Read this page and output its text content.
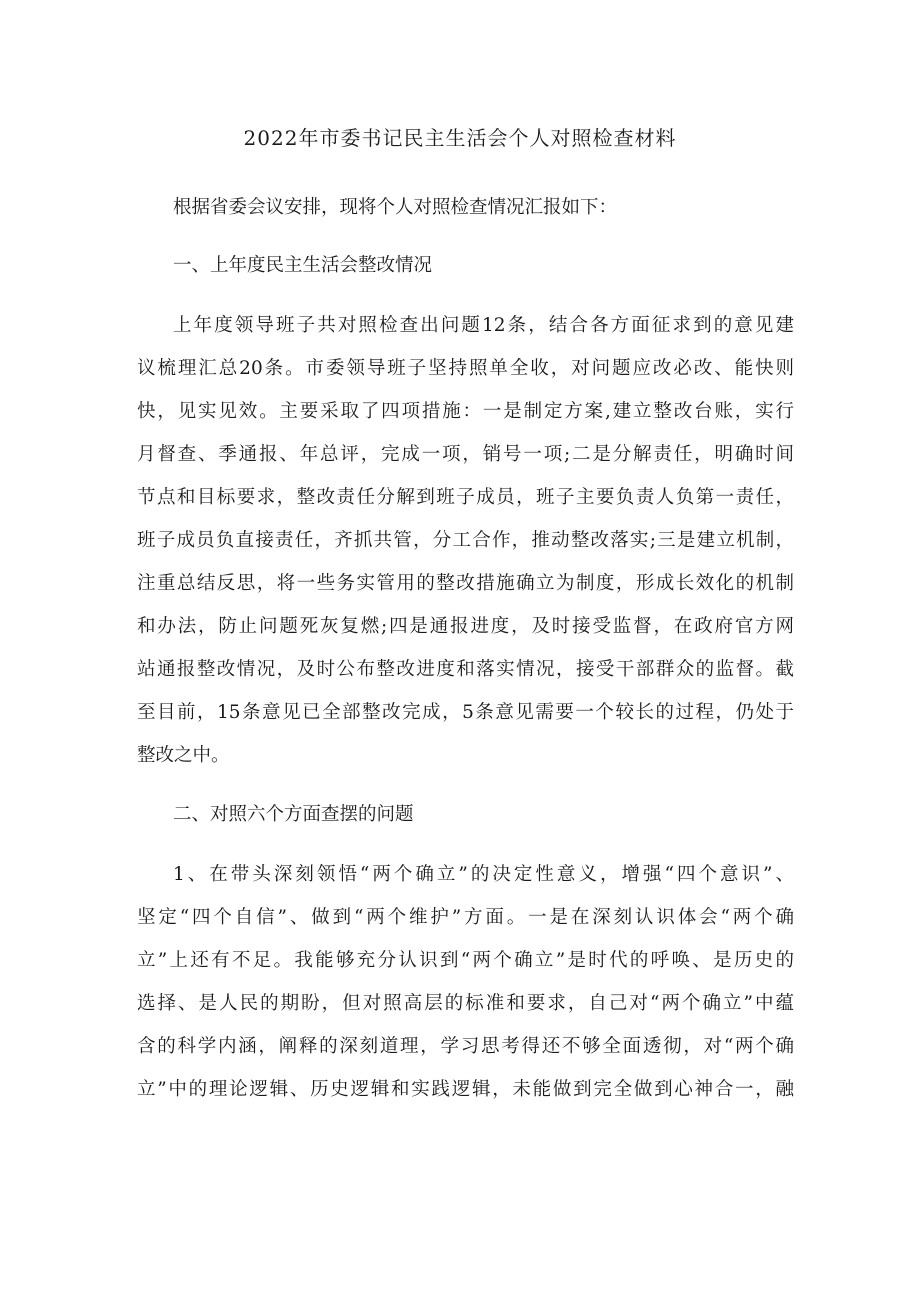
2022年市委书记民主生活会个人对照检查材料

根据省委会议安排，现将个人对照检查情况汇报如下：

一、上年度民主生活会整改情况

上年度领导班子共对照检查出问题12条，结合各方面征求到的意见建

议梳理汇总20条。市委领导班子坚持照单全收，对问题应改必改、能快则

快，见实见效。主要采取了四项措施：一是制定方案,建立整改台账，实行

月督查、季通报、年总评，完成一项，销号一项;二是分解责任，明确时间

节点和目标要求，整改责任分解到班子成员，班子主要负责人负第一责任，

班子成员负直接责任，齐抓共管，分工合作，推动整改落实;三是建立机制，

注重总结反思，将一些务实管用的整改措施确立为制度，形成长效化的机制

和办法，防止问题死灰复燃;四是通报进度，及时接受监督，在政府官方网

站通报整改情况，及时公布整改进度和落实情况，接受干部群众的监督。截

至目前，15条意见已全部整改完成，5条意见需要一个较长的过程，仍处于

整改之中。

二、对照六个方面查摆的问题

1、在带头深刻领悟“两个确立”的决定性意义，增强“四个意识”、

坚定“四个自信”、做到“两个维护”方面。一是在深刻认识体会“两个确

立”上还有不足。我能够充分认识到“两个确立”是时代的呼唤、是历史的

选择、是人民的期盼，但对照高层的标准和要求，自己对“两个确立”中蕴

含的科学内涵，阐释的深刻道理，学习思考得还不够全面透彻，对“两个确

立”中的理论逻辑、历史逻辑和实践逻辑，未能做到完全做到心神合一，融
